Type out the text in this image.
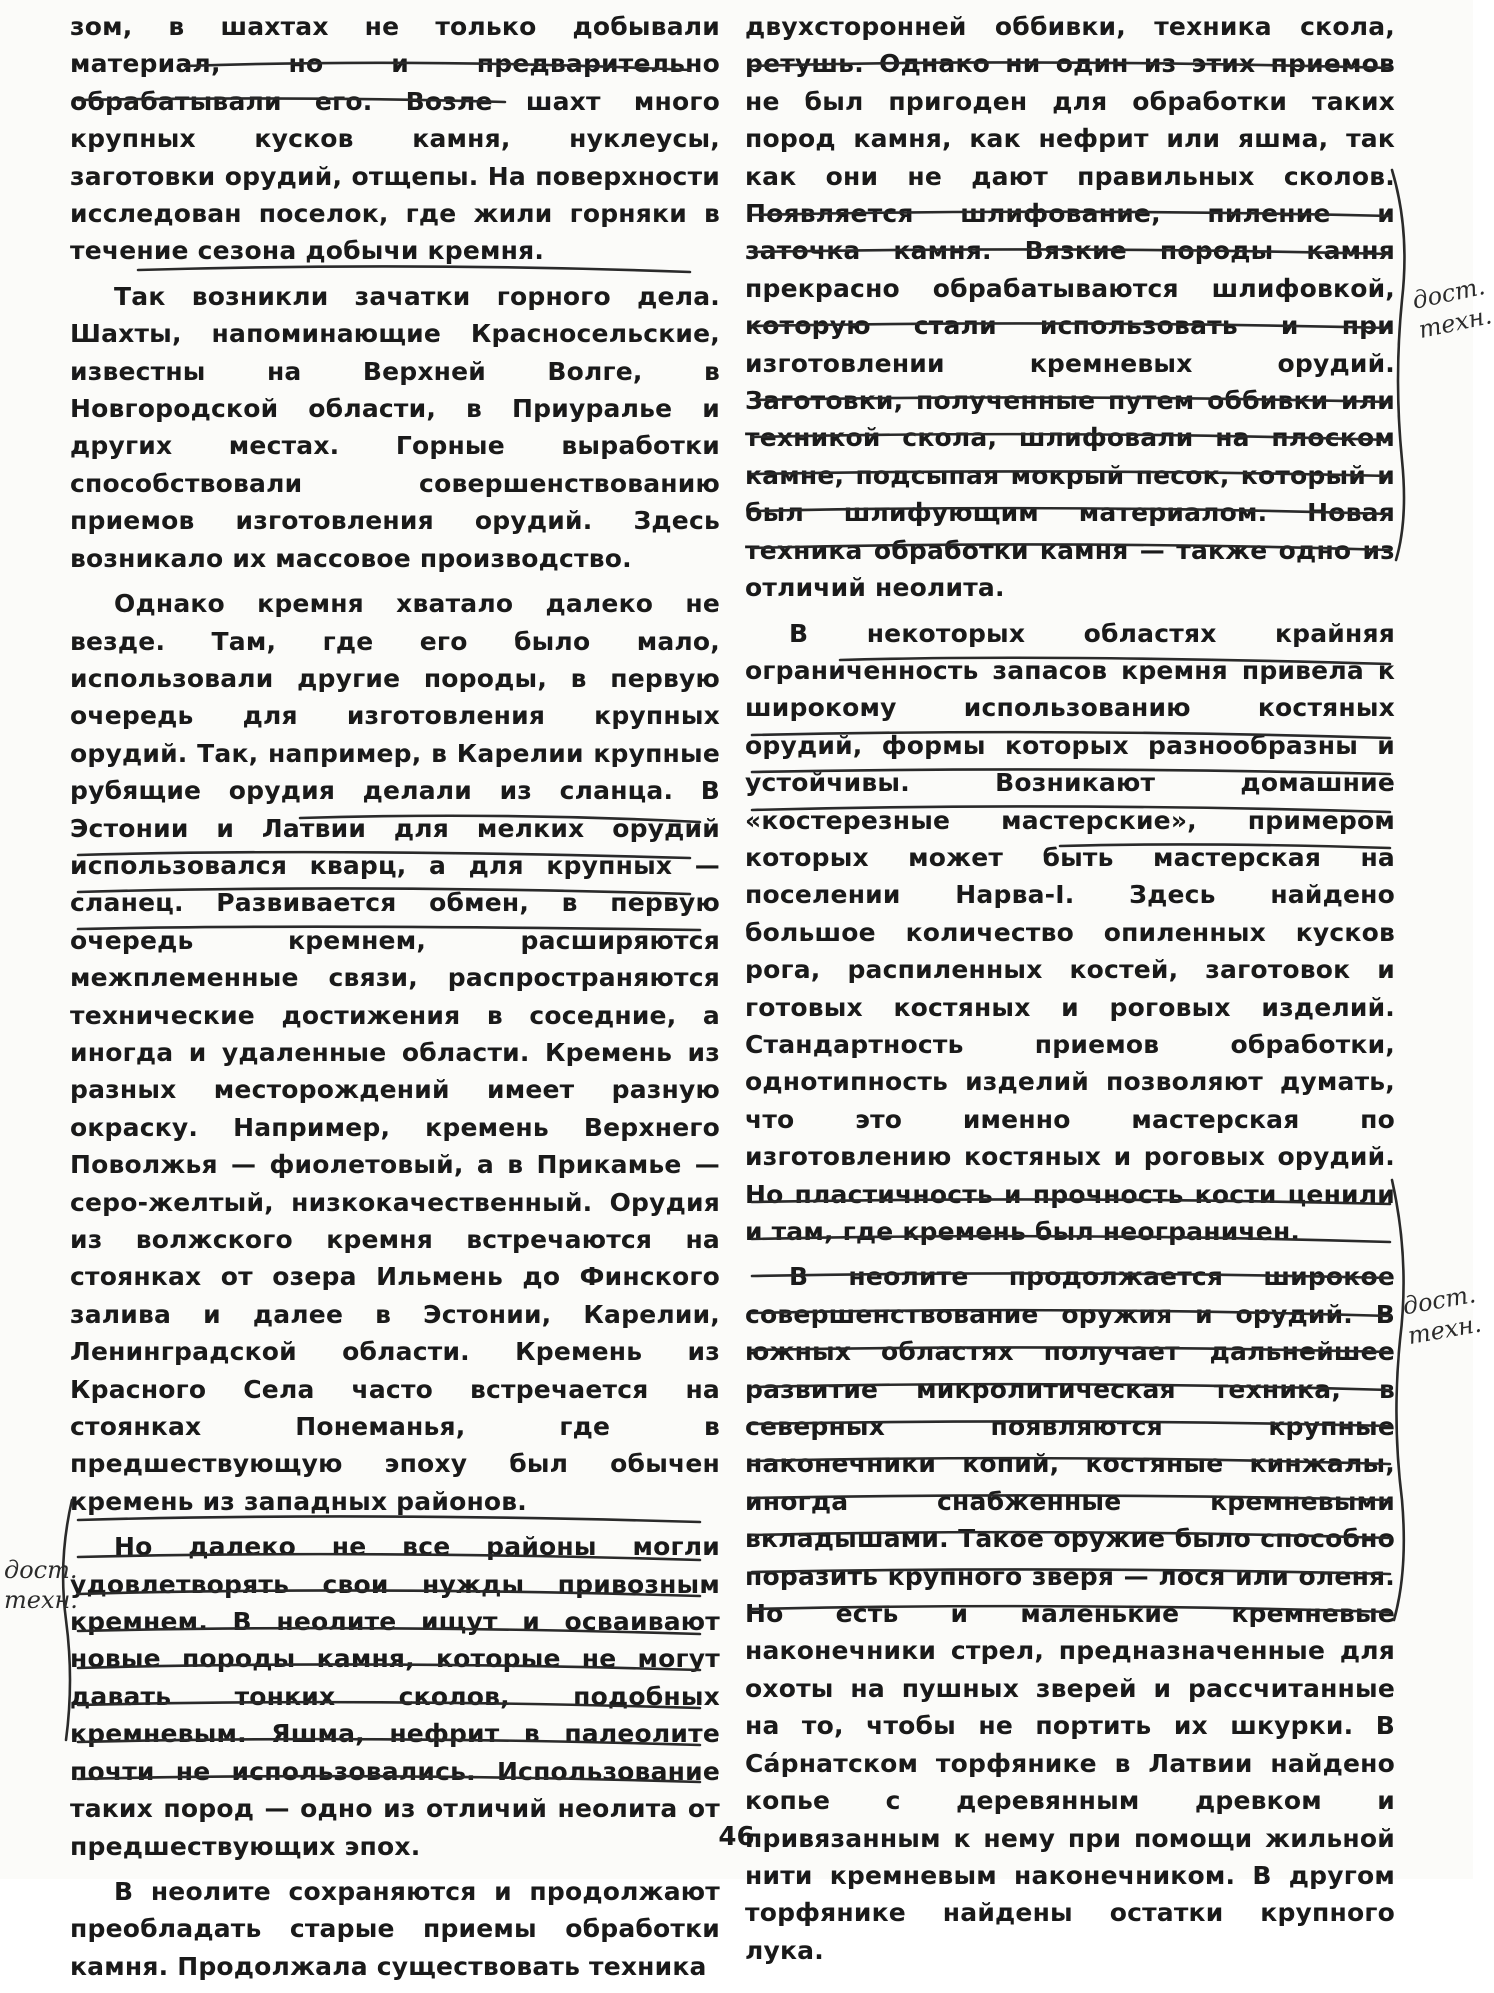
зом, в шахтах не только добывали материал, но и предварительно обрабатывали его. Возле шахт много крупных кусков камня, нуклеусы, заготовки орудий, отщепы. На поверхности исследован поселок, где жили горняки в течение сезона добычи кремня.

Так возникли зачатки горного дела. Шахты, напоминающие Красносельские, известны на Верхней Волге, в Новгородской области, в Приуралье и других местах. Горные выработки способствовали совершенствованию приемов изготовления орудий. Здесь возникало их массовое производство.

Однако кремня хватало далеко не везде. Там, где его было мало, использовали другие породы, в первую очередь для изготовления крупных орудий. Так, например, в Карелии крупные рубящие орудия делали из сланца. В Эстонии и Латвии для мелких орудий использовался кварц, а для крупных — сланец. Развивается обмен, в первую очередь кремнем, расширяются межплеменные связи, распространяются технические достижения в соседние, а иногда и удаленные области. Кремень из разных месторождений имеет разную окраску. Например, кремень Верхнего Поволжья — фиолетовый, а в Прикамье — серо-желтый, низкокачественный. Орудия из волжского кремня встречаются на стоянках от озера Ильмень до Финского залива и далее в Эстонии, Карелии, Ленинградской области. Кремень из Красного Села часто встречается на стоянках Понеманья, где в предшествующую эпоху был обычен кремень из западных районов.

Но далеко не все районы могли удовлетворять свои нужды привозным кремнем. В неолите ищут и осваивают новые породы камня, которые не могут давать тонких сколов, подобных кремневым. Яшма, нефрит в палеолите почти не использовались. Использование таких пород — одно из отличий неолита от предшествующих эпох.

В неолите сохраняются и продолжают преобладать старые приемы обработки камня. Продолжала существовать техника

двухсторонней оббивки, техника скола, ретушь. Однако ни один из этих приемов не был пригоден для обработки таких пород камня, как нефрит или яшма, так как они не дают правильных сколов. Появляется шлифование, пиление и заточка камня. Вязкие породы камня прекрасно обрабатываются шлифовкой, которую стали использовать и при изготовлении кремневых орудий. Заготовки, полученные путем оббивки или техникой скола, шлифовали на плоском камне, подсыпая мокрый песок, который и был шлифующим материалом. Новая техника обработки камня — также одно из отличий неолита.

В некоторых областях крайняя ограниченность запасов кремня привела к широкому использованию костяных орудий, формы которых разнообразны и устойчивы. Возникают домашние «костерезные мастерские», примером которых может быть мастерская на поселении Нарва-I. Здесь найдено большое количество опиленных кусков рога, распиленных костей, заготовок и готовых костяных и роговых изделий. Стандартность приемов обработки, однотипность изделий позволяют думать, что это именно мастерская по изготовлению костяных и роговых орудий. Но пластичность и прочность кости ценили и там, где кремень был неограничен.

В неолите продолжается широкое совершенствование оружия и орудий. В южных областях получает дальнейшее развитие микролитическая техника, в северных появляются крупные наконечники копий, костяные кинжалы, иногда снабженные кремневыми вкладышами. Такое оружие было способно поразить крупного зверя — лося или оленя. Но есть и маленькие кремневые наконечники стрел, предназначенные для охоты на пушных зверей и рассчитанные на то, чтобы не портить их шкурки. В Сáрнатском торфянике в Латвии найдено копье с деревянным древком и привязанным к нему при помощи жильной нити кремневым наконечником. В другом торфянике найдены остатки крупного лука.

дост.
техн.
дост.
техн.
дост.
техн.
46
